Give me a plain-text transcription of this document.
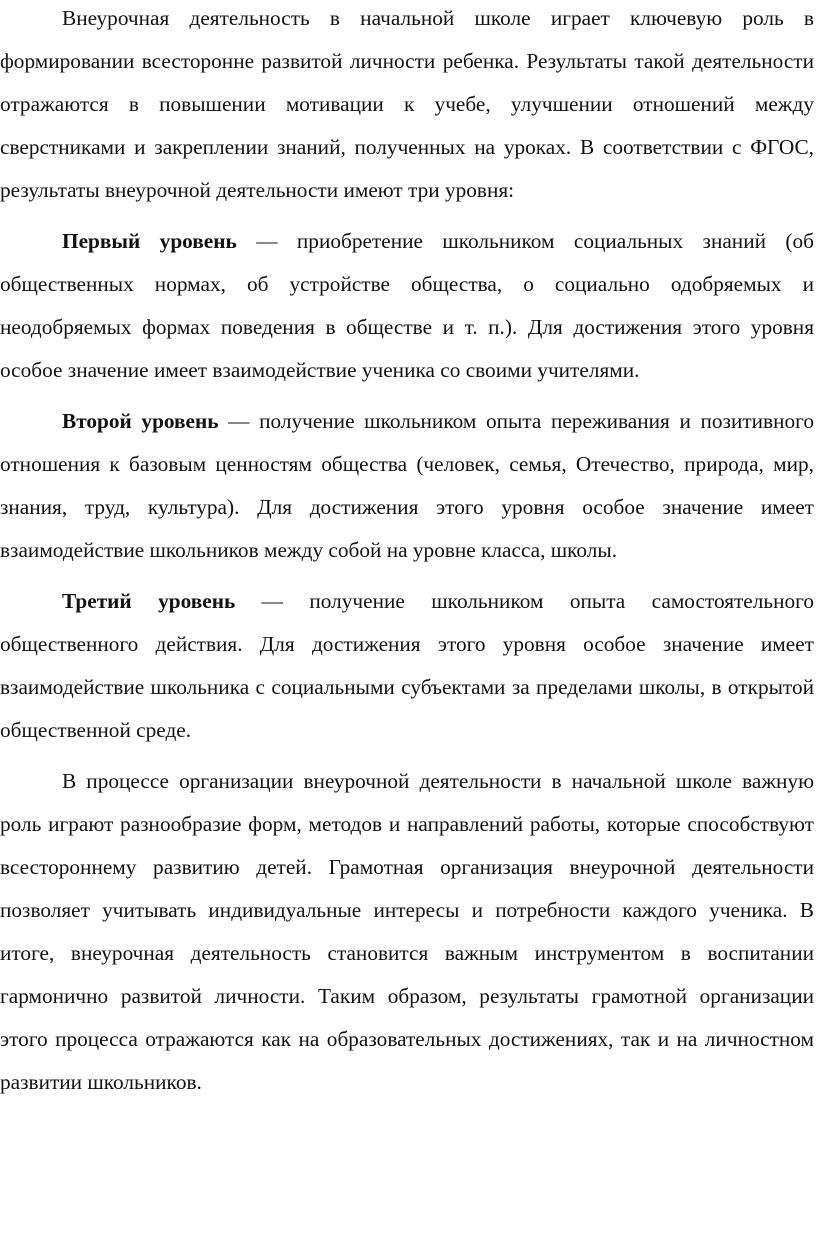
Внеурочная деятельность в начальной школе играет ключевую роль в формировании всесторонне развитой личности ребенка. Результаты такой деятельности отражаются в повышении мотивации к учебе, улучшении отношений между сверстниками и закреплении знаний, полученных на уроках. В соответствии с ФГОС, результаты внеурочной деятельности имеют три уровня:

Первый уровень — приобретение школьником социальных знаний (об общественных нормах, об устройстве общества, о социально одобряемых и неодобряемых формах поведения в обществе и т. п.). Для достижения этого уровня особое значение имеет взаимодействие ученика со своими учителями.

Второй уровень — получение школьником опыта переживания и позитивного отношения к базовым ценностям общества (человек, семья, Отечество, природа, мир, знания, труд, культура). Для достижения этого уровня особое значение имеет взаимодействие школьников между собой на уровне класса, школы.

Третий уровень — получение школьником опыта самостоятельного общественного действия. Для достижения этого уровня особое значение имеет взаимодействие школьника с социальными субъектами за пределами школы, в открытой общественной среде.

В процессе организации внеурочной деятельности в начальной школе важную роль играют разнообразие форм, методов и направлений работы, которые способствуют всестороннему развитию детей. Грамотная организация внеурочной деятельности позволяет учитывать индивидуальные интересы и потребности каждого ученика. В итоге, внеурочная деятельность становится важным инструментом в воспитании гармонично развитой личности. Таким образом, результаты грамотной организации этого процесса отражаются как на образовательных достижениях, так и на личностном развитии школьников.
